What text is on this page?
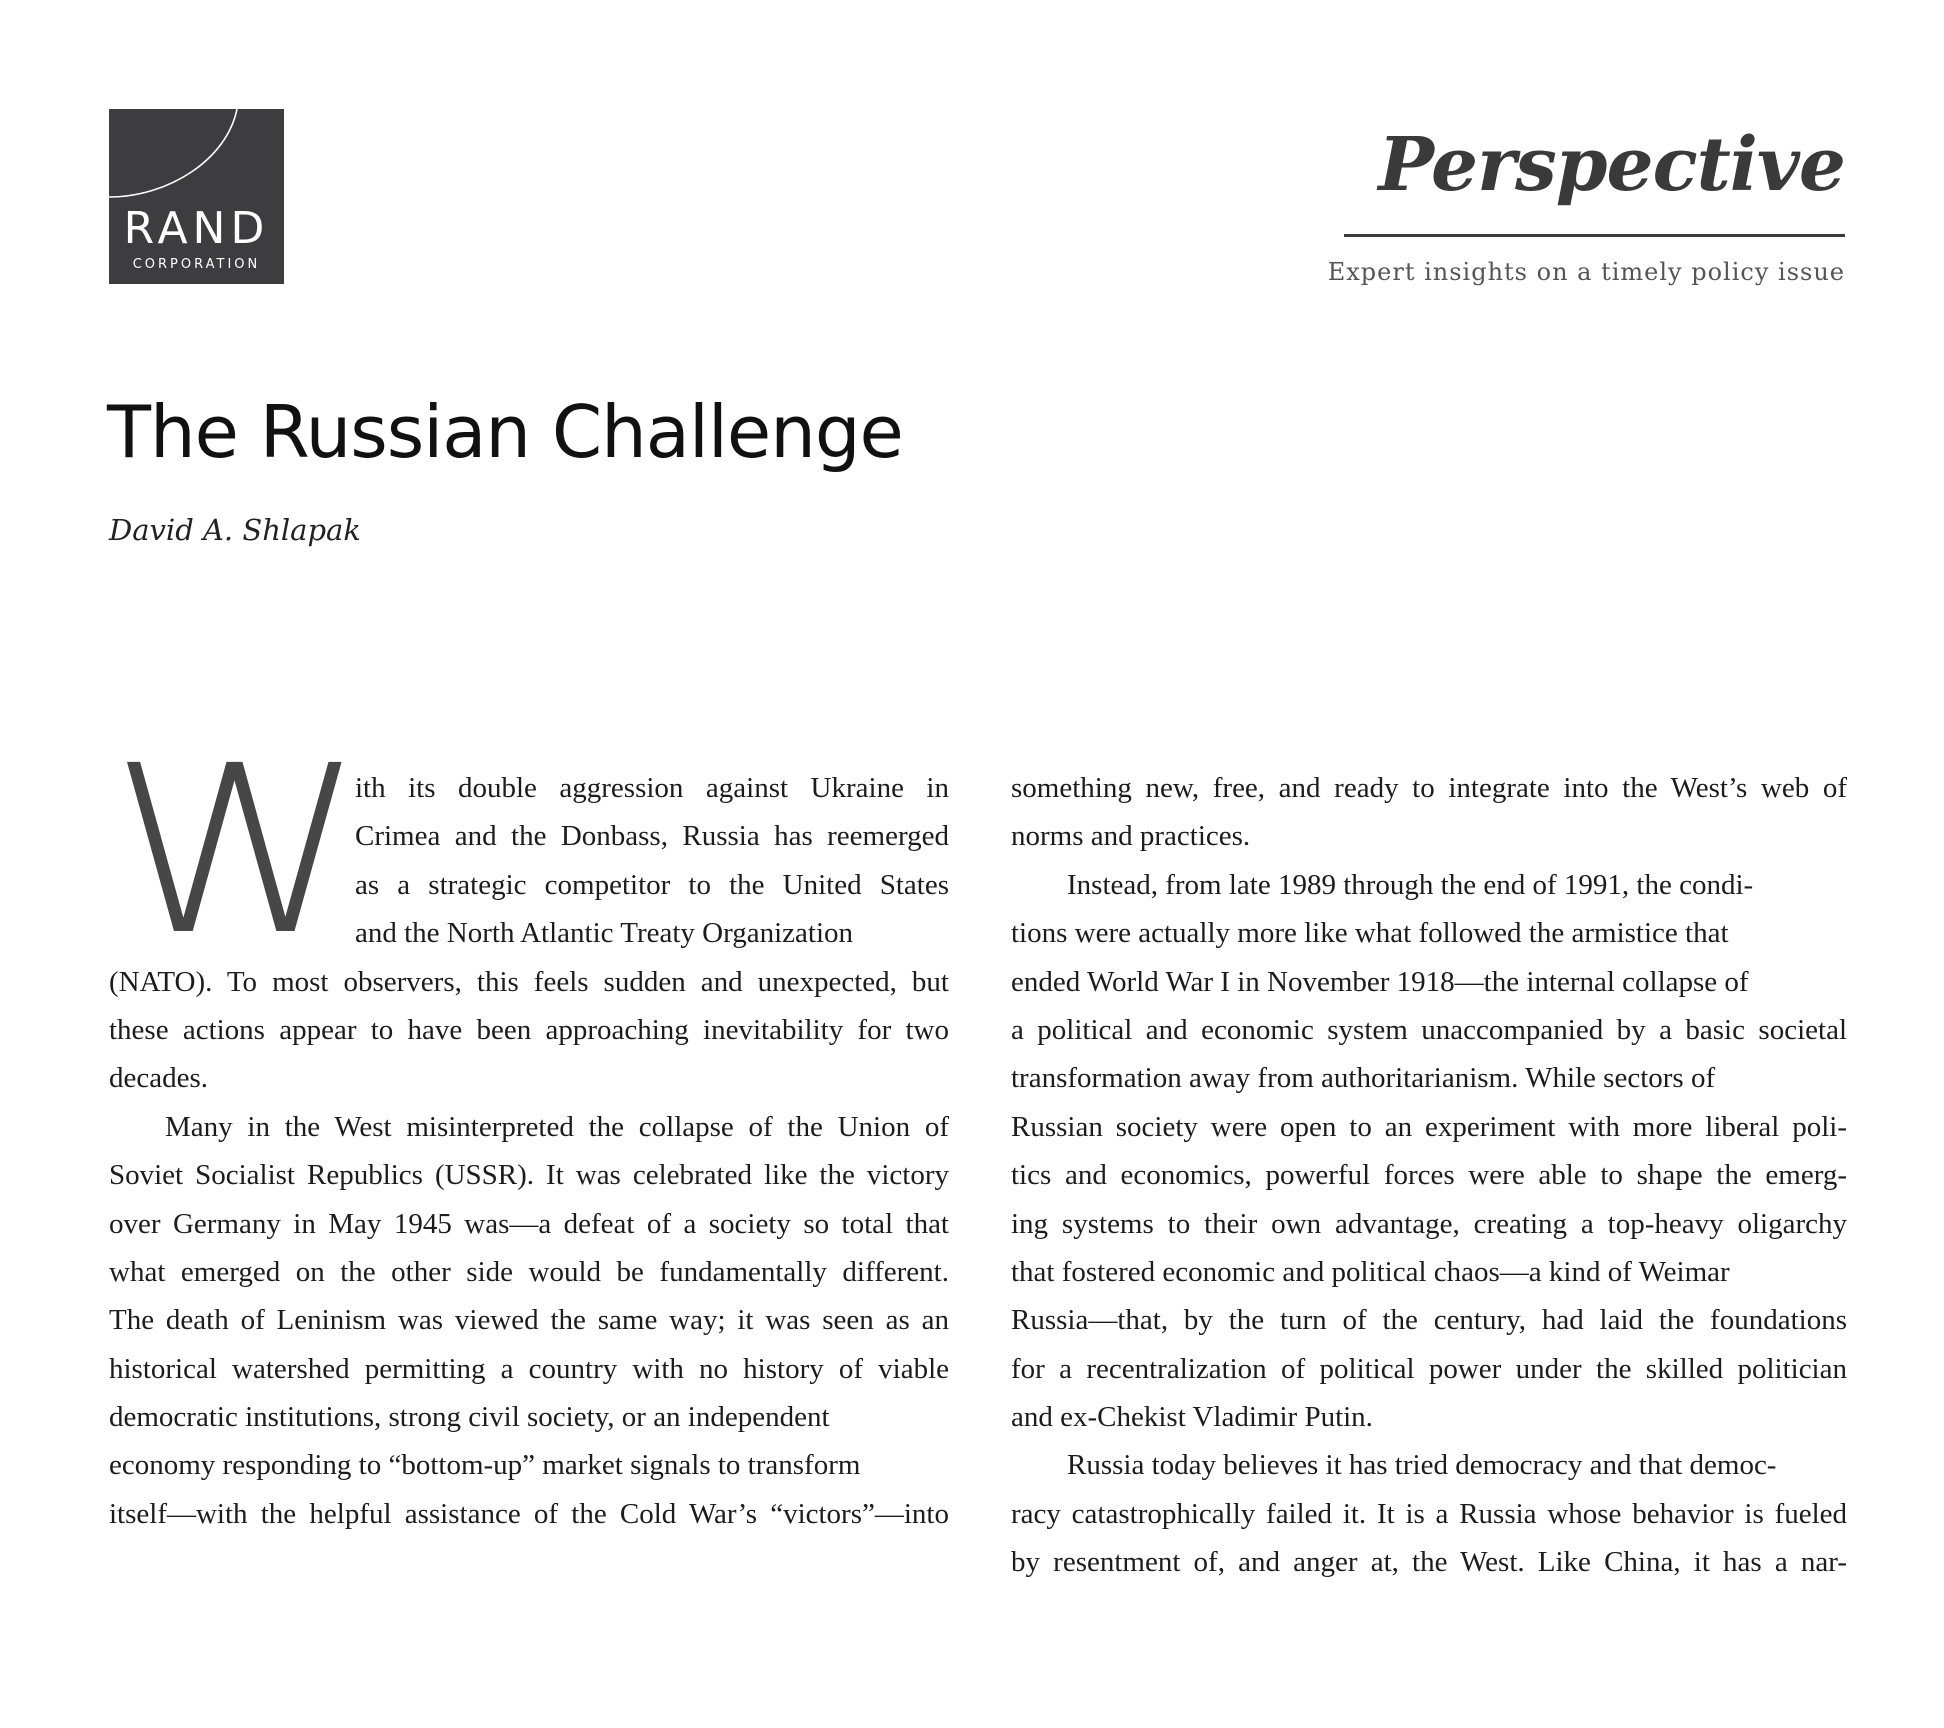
RAND
CORPORATION
Perspective
Expert insights on a timely policy issue
The Russian Challenge
David A. Shlapak
W
ith its double aggression against Ukraine in
Crimea and the Donbass, Russia has reemerged
as a strategic competitor to the United States
and the North Atlantic Treaty Organization
(NATO). To most observers, this feels sudden and unexpected, but
these actions appear to have been approaching inevitability for two
decades.
Many in the West misinterpreted the collapse of the Union of
Soviet Socialist Republics (USSR). It was celebrated like the victory
over Germany in May 1945 was—a defeat of a society so total that
what emerged on the other side would be fundamentally different.
The death of Leninism was viewed the same way; it was seen as an
historical watershed permitting a country with no history of viable
democratic institutions, strong civil society, or an independent
economy responding to “bottom-up” market signals to transform
itself—with the helpful assistance of the Cold War’s “victors”—into
something new, free, and ready to integrate into the West’s web of
norms and practices.
Instead, from late 1989 through the end of 1991, the condi-
tions were actually more like what followed the armistice that
ended World War I in November 1918—the internal collapse of
a political and economic system unaccompanied by a basic societal
transformation away from authoritarianism. While sectors of
Russian society were open to an experiment with more liberal poli-
tics and economics, powerful forces were able to shape the emerg-
ing systems to their own advantage, creating a top-heavy oligarchy
that fostered economic and political chaos—a kind of Weimar
Russia—that, by the turn of the century, had laid the foundations
for a recentralization of political power under the skilled politician
and ex-Chekist Vladimir Putin.
Russia today believes it has tried democracy and that democ-
racy catastrophically failed it. It is a Russia whose behavior is fueled
by resentment of, and anger at, the West. Like China, it has a nar-
